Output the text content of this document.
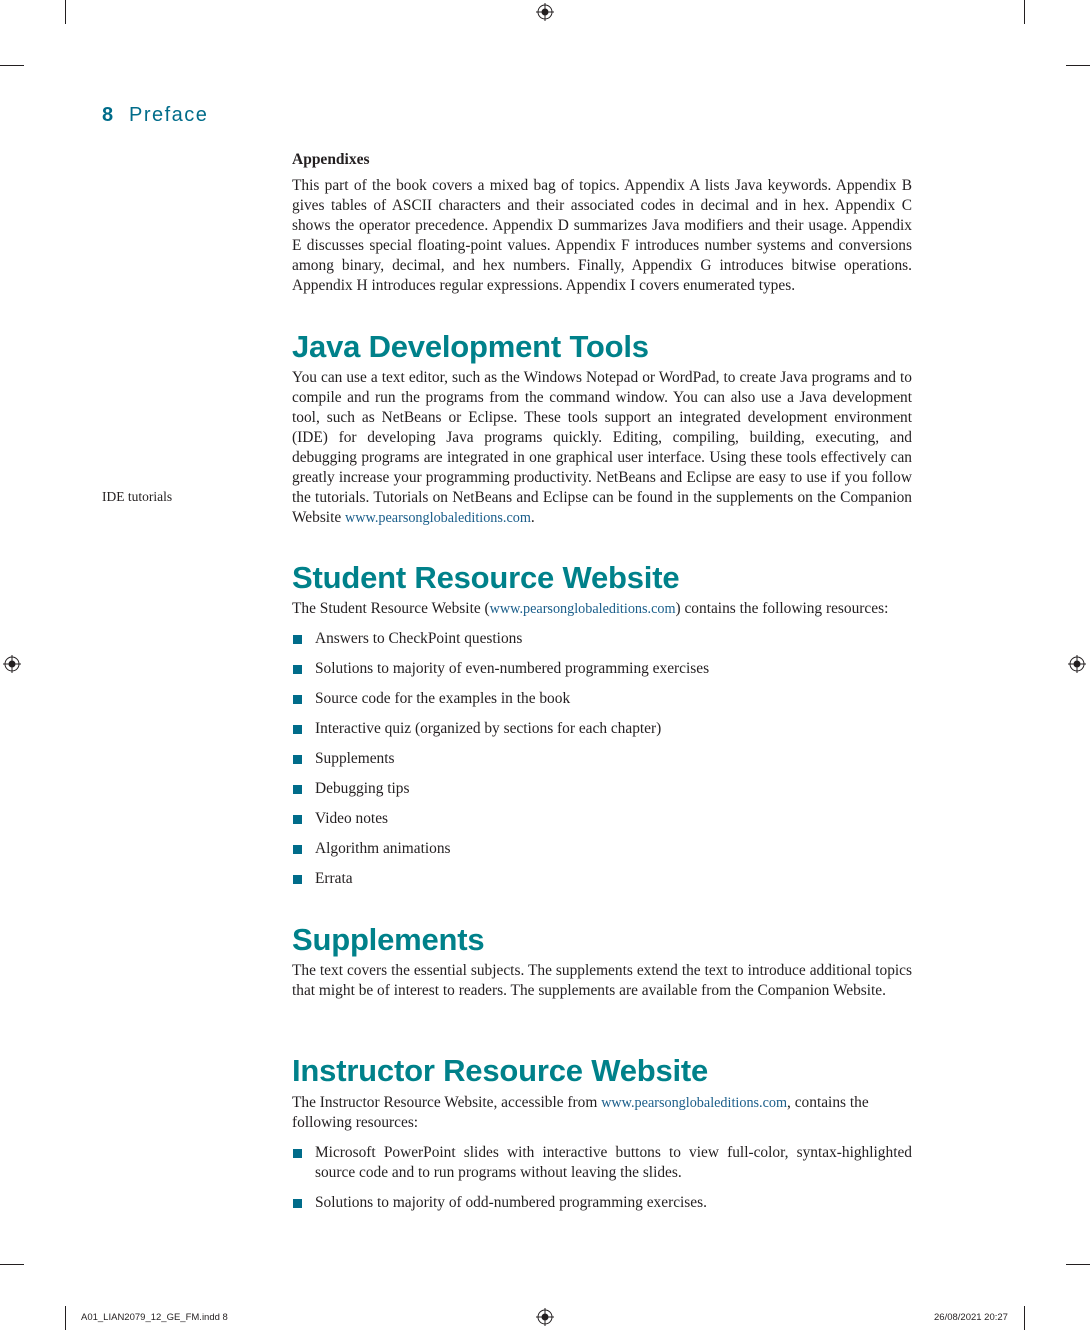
8 Preface
Appendixes

This part of the book covers a mixed bag of topics. Appendix A lists Java keywords. Appendix B gives tables of ASCII characters and their associated codes in decimal and in hex. Appendix C shows the operator precedence. Appendix D summarizes Java modifiers and their usage. Appendix E discusses special floating-point values. Appendix F introduces number systems and conversions among binary, decimal, and hex numbers. Finally, Appendix G introduces bitwise operations. Appendix H introduces regular expressions. Appendix I covers enumerated types.

Java Development Tools

You can use a text editor, such as the Windows Notepad or WordPad, to create Java programs and to compile and run the programs from the command window. You can also use a Java development tool, such as NetBeans or Eclipse. These tools support an integrated development environment (IDE) for developing Java programs quickly. Editing, compiling, building, executing, and debugging programs are integrated in one graphical user interface. Using these tools effectively can greatly increase your programming productivity. NetBeans and Eclipse are easy to use if you follow the tutorials. Tutorials on NetBeans and Eclipse can be found in the supplements on the Companion Website www.pearsonglobaleditions.com.

IDE tutorials
Student Resource Website

The Student Resource Website (www.pearsonglobaleditions.com) contains the following resources:

Answers to CheckPoint questions
Solutions to majority of even-numbered programming exercises
Source code for the examples in the book
Interactive quiz (organized by sections for each chapter)
Supplements
Debugging tips
Video notes
Algorithm animations
Errata
Supplements

The text covers the essential subjects. The supplements extend the text to introduce additional topics that might be of interest to readers. The supplements are available from the Companion Website.

Instructor Resource Website

The Instructor Resource Website, accessible from www.pearsonglobaleditions.com, contains the following resources:

Microsoft PowerPoint slides with interactive buttons to view full-color, syntax-highlighted source code and to run programs without leaving the slides.
Solutions to majority of odd-numbered programming exercises.
A01_LIAN2079_12_GE_FM.indd 8	26/08/2021 20:27
